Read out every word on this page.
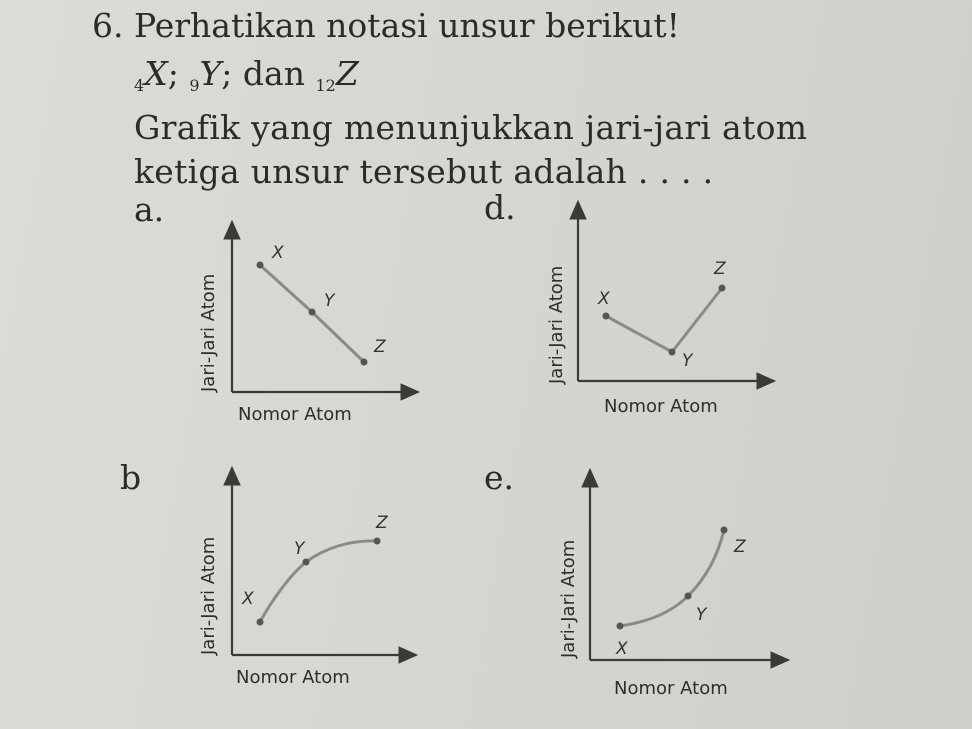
6. Perhatikan notasi unsur berikut!
$_4$X; $_9$Y; dan $_{12}$Z
Grafik yang menunjukkan jari-jari atom
ketiga unsur tersebut adalah . . . .
a.
b
d.
e.
Jari-Jari Atom
Nomor Atom
X
Y
Z
Jari-Jari Atom
Nomor Atom
X
Y
Z
Jari-Jari Atom
Nomor Atom
X
Y
Z
Jari-Jari Atom
Nomor Atom
X
Y
Z
